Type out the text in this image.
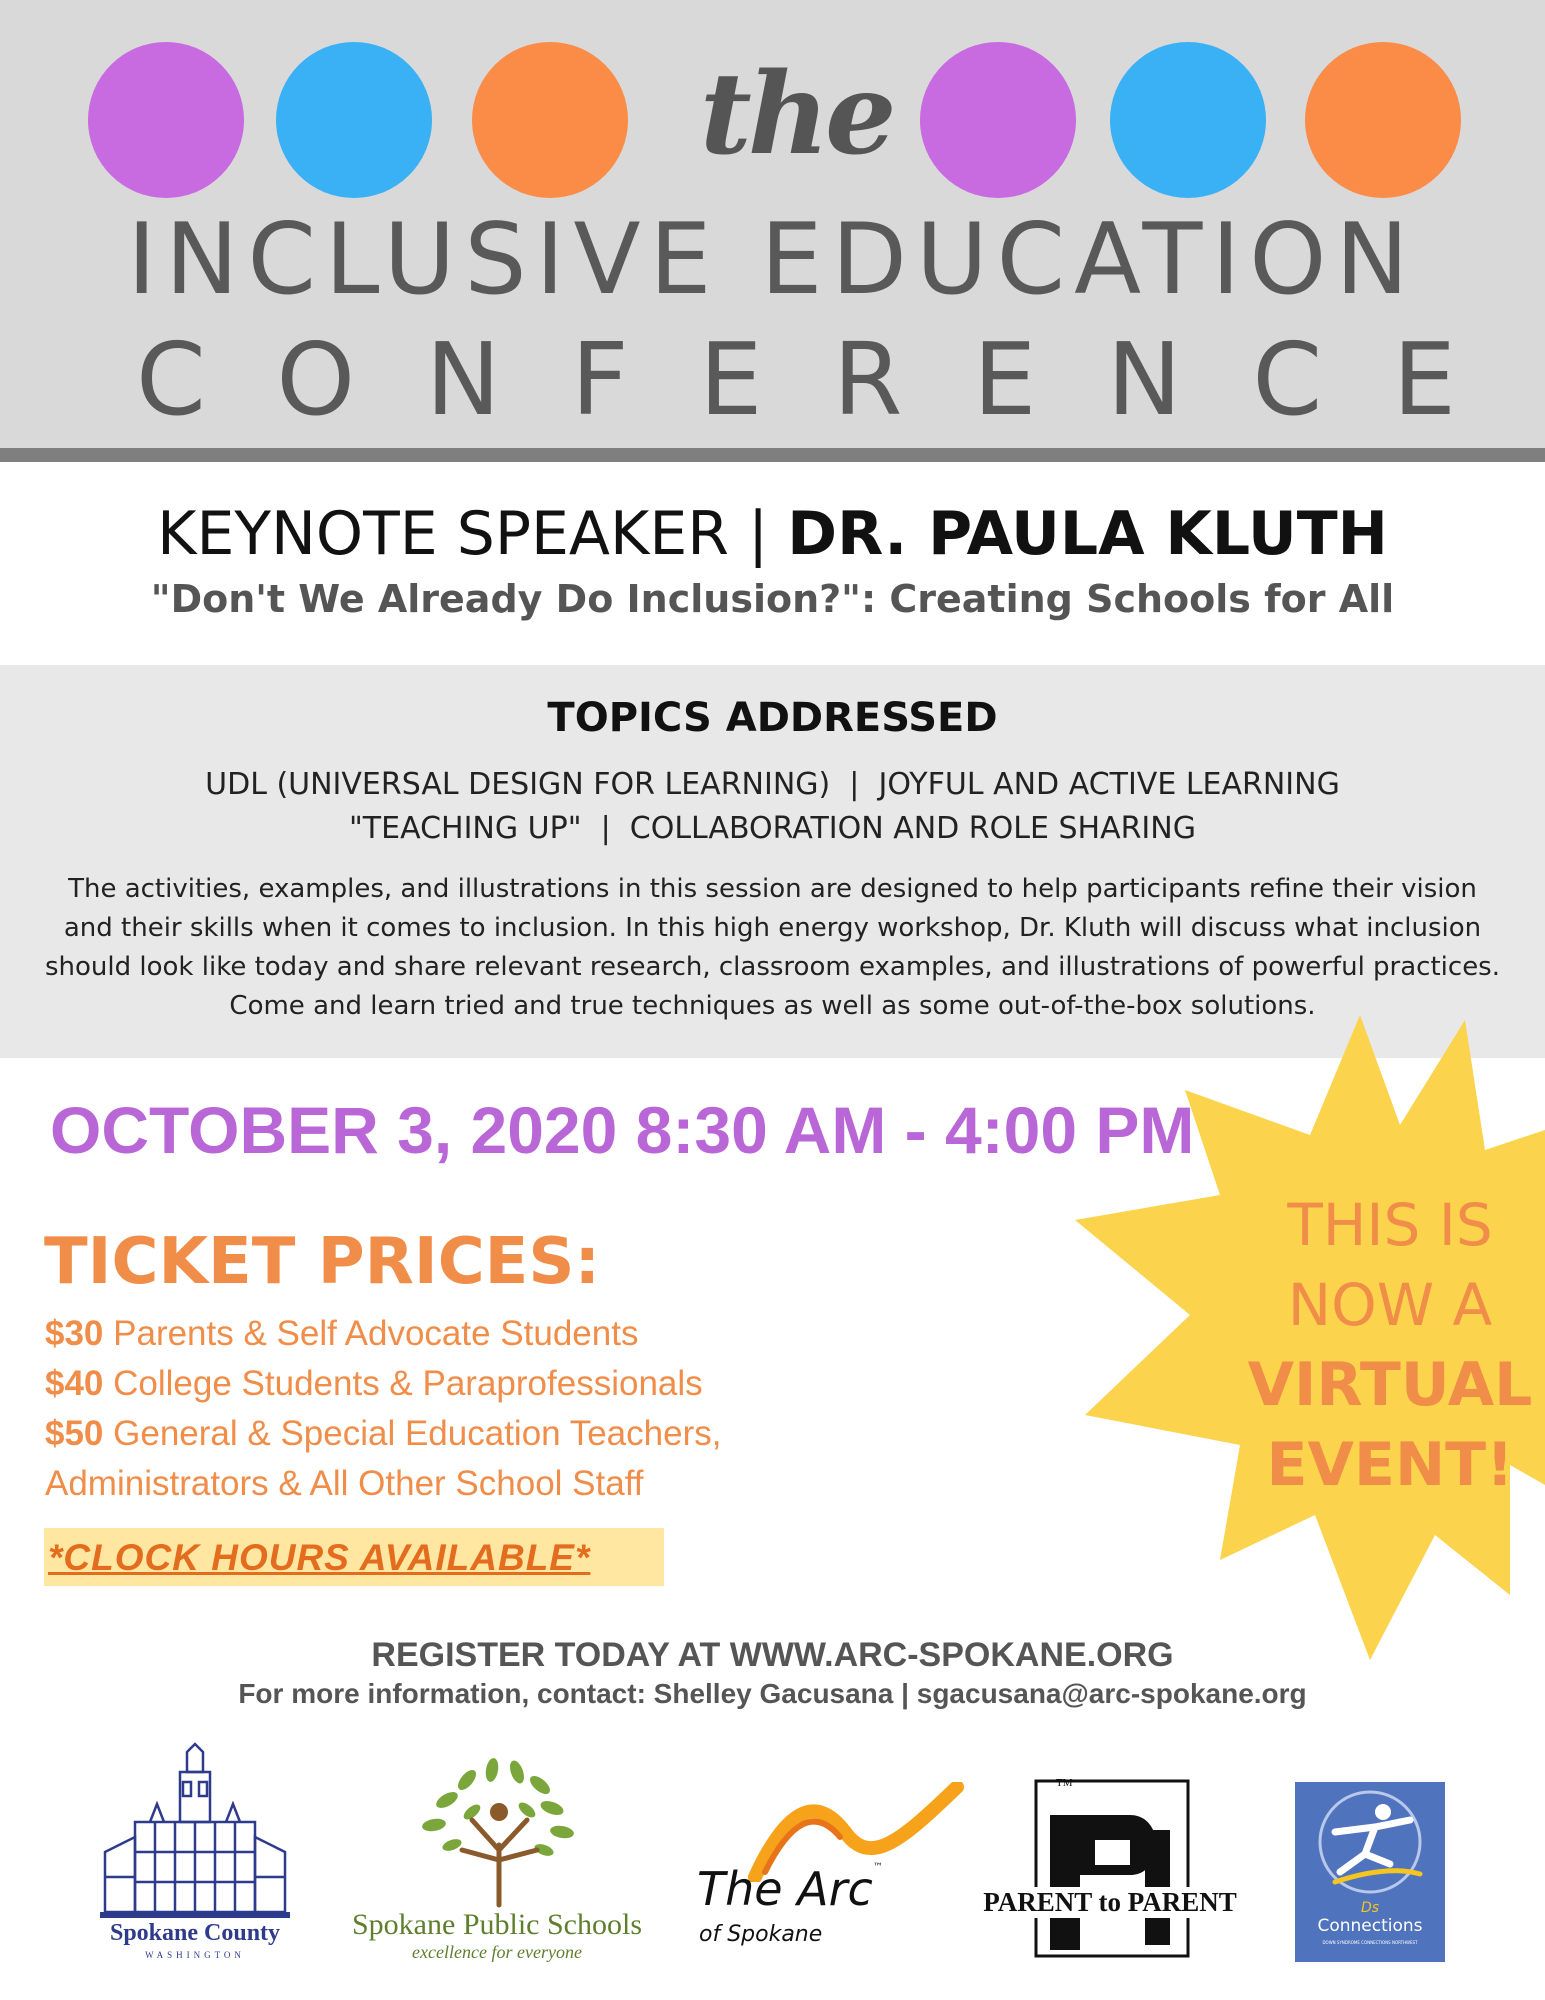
the
INCLUSIVE EDUCATION
C O N F E R E N C E
KEYNOTE SPEAKER | DR. PAULA KLUTH
"Don't We Already Do Inclusion?": Creating Schools for All
TOPICS ADDRESSED
UDL (UNIVERSAL DESIGN FOR LEARNING)  |  JOYFUL AND ACTIVE LEARNING
"TEACHING UP"  |  COLLABORATION AND ROLE SHARING
The activities, examples, and illustrations in this session are designed to help participants refine their vision and their skills when it comes to inclusion. In this high energy workshop, Dr. Kluth will discuss what inclusion should look like today and share relevant research, classroom examples, and illustrations of powerful practices. Come and learn tried and true techniques as well as some out-of-the-box solutions.
THIS IS
NOW A
VIRTUAL
EVENT!
OCTOBER 3, 2020 8:30 AM - 4:00 PM
TICKET PRICES:
$30 Parents & Self Advocate Students
$40 College Students & Paraprofessionals
$50 General & Special Education Teachers,
Administrators & All Other School Staff
*CLOCK HOURS AVAILABLE*
REGISTER TODAY AT WWW.ARC-SPOKANE.ORG
For more information, contact: Shelley Gacusana | sgacusana@arc-spokane.org
Spokane County
WASHINGTON
Spokane Public Schools
excellence for everyone
The Arc™
of Spokane
TM
PARENT to PARENT	Ds
Connections
DOWN SYNDROME CONNECTIONS NORTHWEST
